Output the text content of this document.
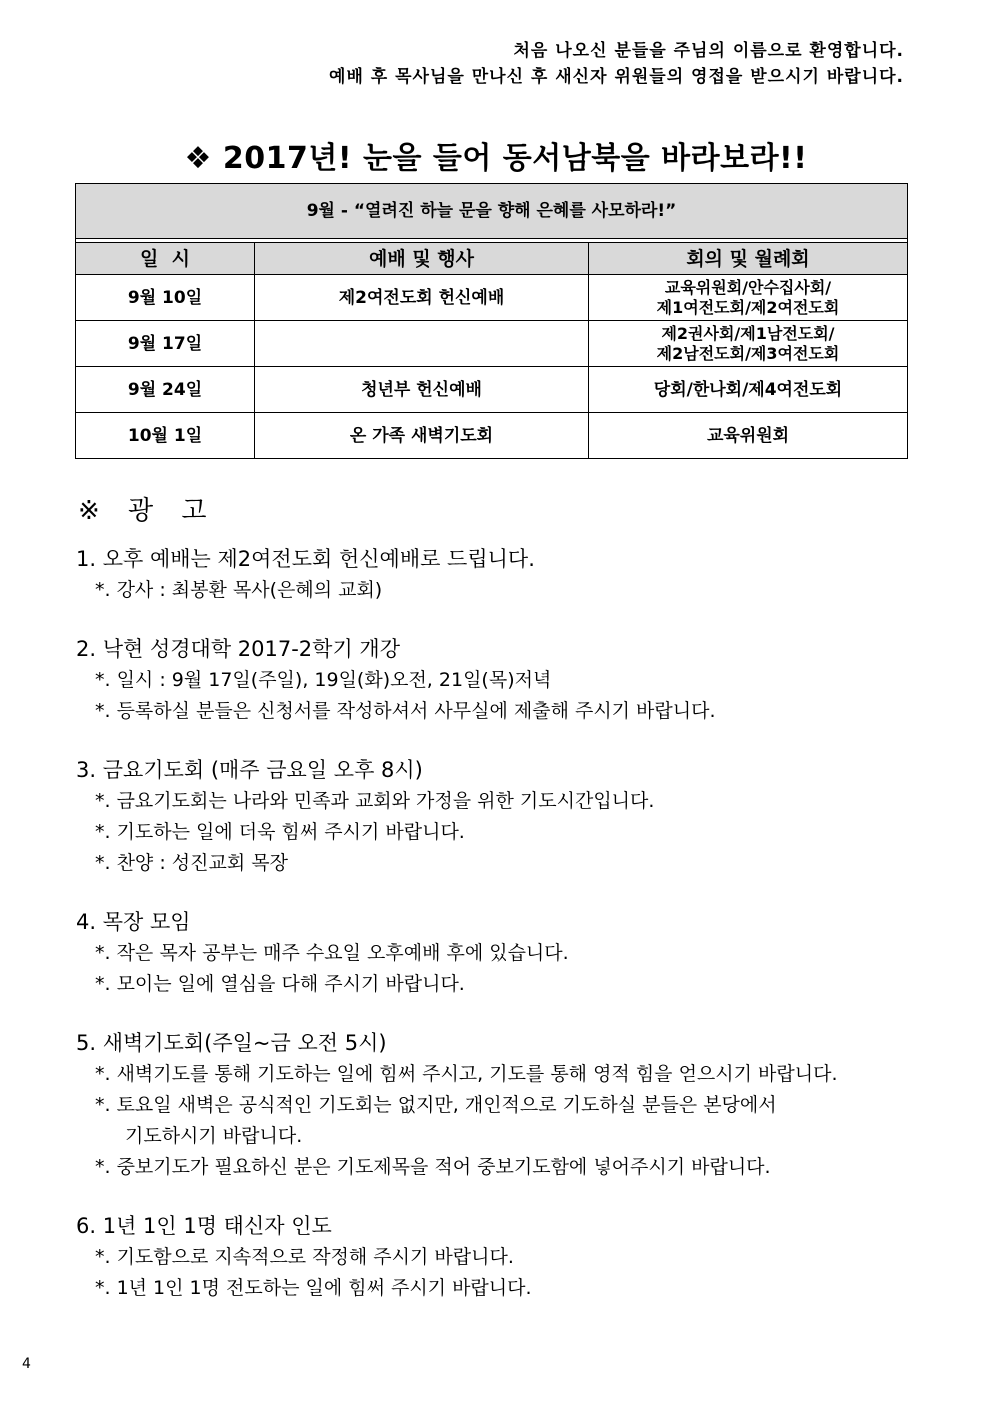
처음 나오신 분들을 주님의 이름으로 환영합니다.
예배 후 목사님을 만나신 후 새신자 위원들의 영접을 받으시기 바랍니다.
❖ 2017년! 눈을 들어 동서남북을 바라보라!!
9월 - “열려진 하늘 문을 향해 은혜를 사모하라!”		

일  시	예배 및 행사	회의 및 월례회
9월 10일	제2여전도회 헌신예배	교육위원회/안수집사회/
제1여전도회/제2여전도회

9월 17일		제2권사회/제1남전도회/
제2남전도회/제3여전도회

9월 24일	청년부 헌신예배	당회/한나회/제4여전도회
10월 1일	온 가족 새벽기도회	교육위원회
※ 광 고
1. 오후 예배는 제2여전도회 헌신예배로 드립니다.
*. 강사 : 최봉환 목사(은혜의 교회)
2. 낙현 성경대학 2017-2학기 개강
*. 일시 : 9월 17일(주일), 19일(화)오전, 21일(목)저녁
*. 등록하실 분들은 신청서를 작성하셔서 사무실에 제출해 주시기 바랍니다.
3. 금요기도회 (매주 금요일 오후 8시)
*. 금요기도회는 나라와 민족과 교회와 가정을 위한 기도시간입니다.
*. 기도하는 일에 더욱 힘써 주시기 바랍니다.
*. 찬양 : 성진교회 목장
4. 목장 모임
*. 작은 목자 공부는 매주 수요일 오후예배 후에 있습니다.
*. 모이는 일에 열심을 다해 주시기 바랍니다.
5. 새벽기도회(주일~금 오전 5시)
*. 새벽기도를 통해 기도하는 일에 힘써 주시고, 기도를 통해 영적 힘을 얻으시기 바랍니다.
*. 토요일 새벽은 공식적인 기도회는 없지만, 개인적으로 기도하실 분들은 본당에서
기도하시기 바랍니다.
*. 중보기도가 필요하신 분은 기도제목을 적어 중보기도함에 넣어주시기 바랍니다.
6. 1년 1인 1명 태신자 인도
*. 기도함으로 지속적으로 작정해 주시기 바랍니다.
*. 1년 1인 1명 전도하는 일에 힘써 주시기 바랍니다.
4
